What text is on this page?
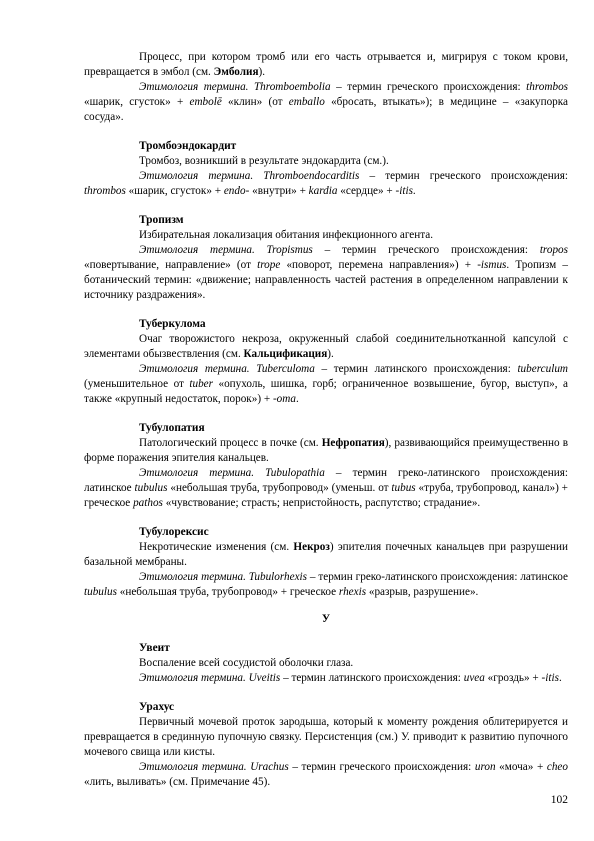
Процесс, при котором тромб или его часть отрывается и, мигрируя с током крови, превращается в эмбол (см. Эмболия).

Этимология термина. Thromboembolia – термин греческого происхождения: thrombos «шарик, сгусток» + embolē «клин» (от emballo «бросать, втыкать»); в медицине – «закупорка сосуда».

Тромбоэндокардит

Тромбоз, возникший в результате эндокардита (см.).

Этимология термина. Thromboendocarditis – термин греческого происхождения: thrombos «шарик, сгусток» + endo- «внутри» + kardia «сердце» + -itis.

Тропизм

Избирательная локализация обитания инфекционного агента.

Этимология термина. Tropismus – термин греческого происхождения: tropos «повертывание, направление» (от trope «поворот, перемена направления») + -ismus. Тропизм – ботанический термин: «движение; направленность частей растения в определенном направлении к источнику раздражения».

Туберкулома

Очаг творожистого некроза, окруженный слабой соединительнотканной капсулой с элементами обызвествления (см. Кальцификация).

Этимология термина. Tuberculoma – термин латинского происхождения: tuberculum (уменьшительное от tuber «опухоль, шишка, горб; ограниченное возвышение, бугор, выступ», а также «крупный недостаток, порок») + -oma.

Тубулопатия

Патологический процесс в почке (см. Нефропатия), развивающийся преимущественно в форме поражения эпителия канальцев.

Этимология термина. Tubulopathia – термин греко-латинского происхождения: латинское tubulus «небольшая труба, трубопровод» (уменьш. от tubus «труба, трубопровод, канал») + греческое pathos «чувствование; страсть; непристойность, распутство; страдание».

Тубулорексис

Некротические изменения (см. Некроз) эпителия почечных канальцев при разрушении базальной мембраны.

Этимология термина. Tubulorhexis – термин греко-латинского происхождения: латинское tubulus «небольшая труба, трубопровод» + греческое rhexis «разрыв, разрушение».

У
Увеит

Воспаление всей сосудистой оболочки глаза.

Этимология термина. Uveitis – термин латинского происхождения: uvea «гроздь» + -itis.

Урахус

Первичный мочевой проток зародыша, который к моменту рождения облитерируется и превращается в срединную пупочную связку. Персистенция (см.) У. приводит к развитию пупочного мочевого свища или кисты.

Этимология термина. Urachus – термин греческого происхождения: uron «моча» + cheo «лить, выливать» (см. Примечание 45).

102
